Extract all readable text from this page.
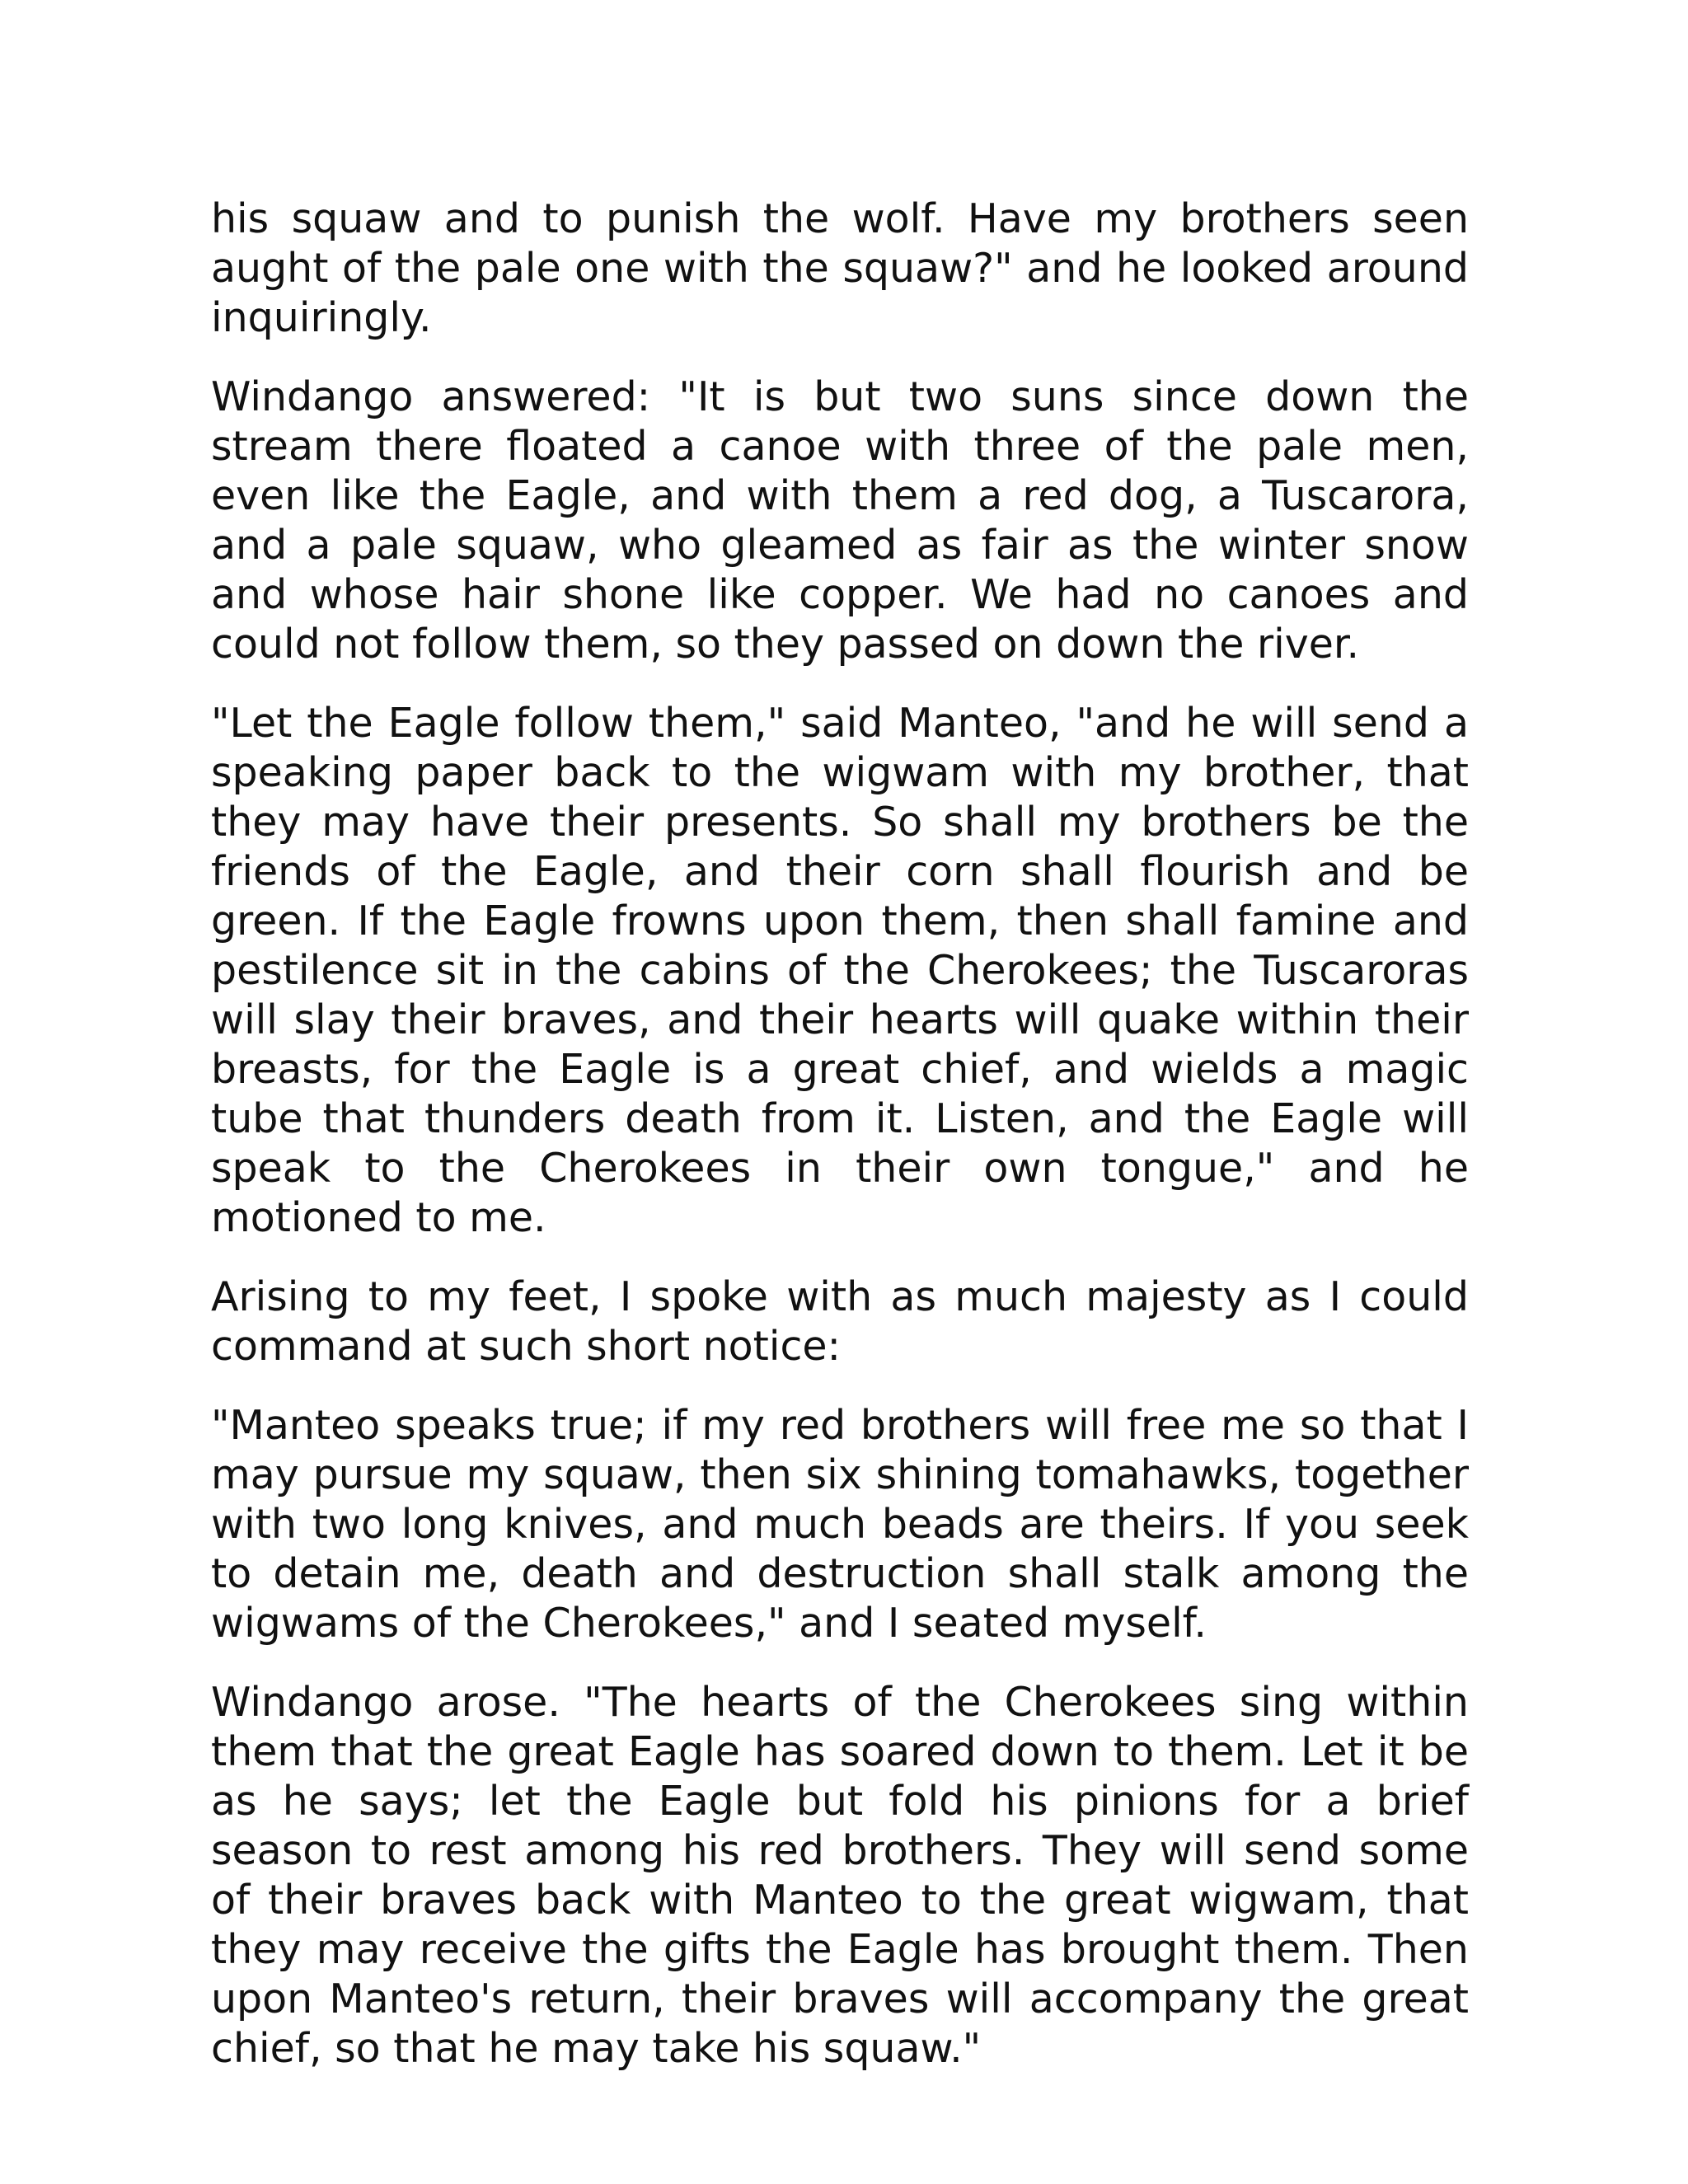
his squaw and to punish the wolf. Have my brothers seen aught of the pale one with the squaw?" and he looked around inquiringly.

Windango answered: "It is but two suns since down the stream there floated a canoe with three of the pale men, even like the Eagle, and with them a red dog, a Tuscarora, and a pale squaw, who gleamed as fair as the winter snow and whose hair shone like copper. We had no canoes and could not follow them, so they passed on down the river.

"Let the Eagle follow them," said Manteo, "and he will send a speaking paper back to the wigwam with my brother, that they may have their presents. So shall my brothers be the friends of the Eagle, and their corn shall flourish and be green. If the Eagle frowns upon them, then shall famine and pestilence sit in the cabins of the Cherokees; the Tuscaroras will slay their braves, and their hearts will quake within their breasts, for the Eagle is a great chief, and wields a magic tube that thunders death from it. Listen, and the Eagle will speak to the Cherokees in their own tongue," and he motioned to me.

Arising to my feet, I spoke with as much majesty as I could command at such short notice:

"Manteo speaks true; if my red brothers will free me so that I may pursue my squaw, then six shining tomahawks, together with two long knives, and much beads are theirs. If you seek to detain me, death and destruction shall stalk among the wigwams of the Cherokees," and I seated myself.

Windango arose. "The hearts of the Cherokees sing within them that the great Eagle has soared down to them. Let it be as he says; let the Eagle but fold his pinions for a brief season to rest among his red brothers. They will send some of their braves back with Manteo to the great wigwam, that they may receive the gifts the Eagle has brought them. Then upon Manteo's return, their braves will accompany the great chief, so that he may take his squaw."
